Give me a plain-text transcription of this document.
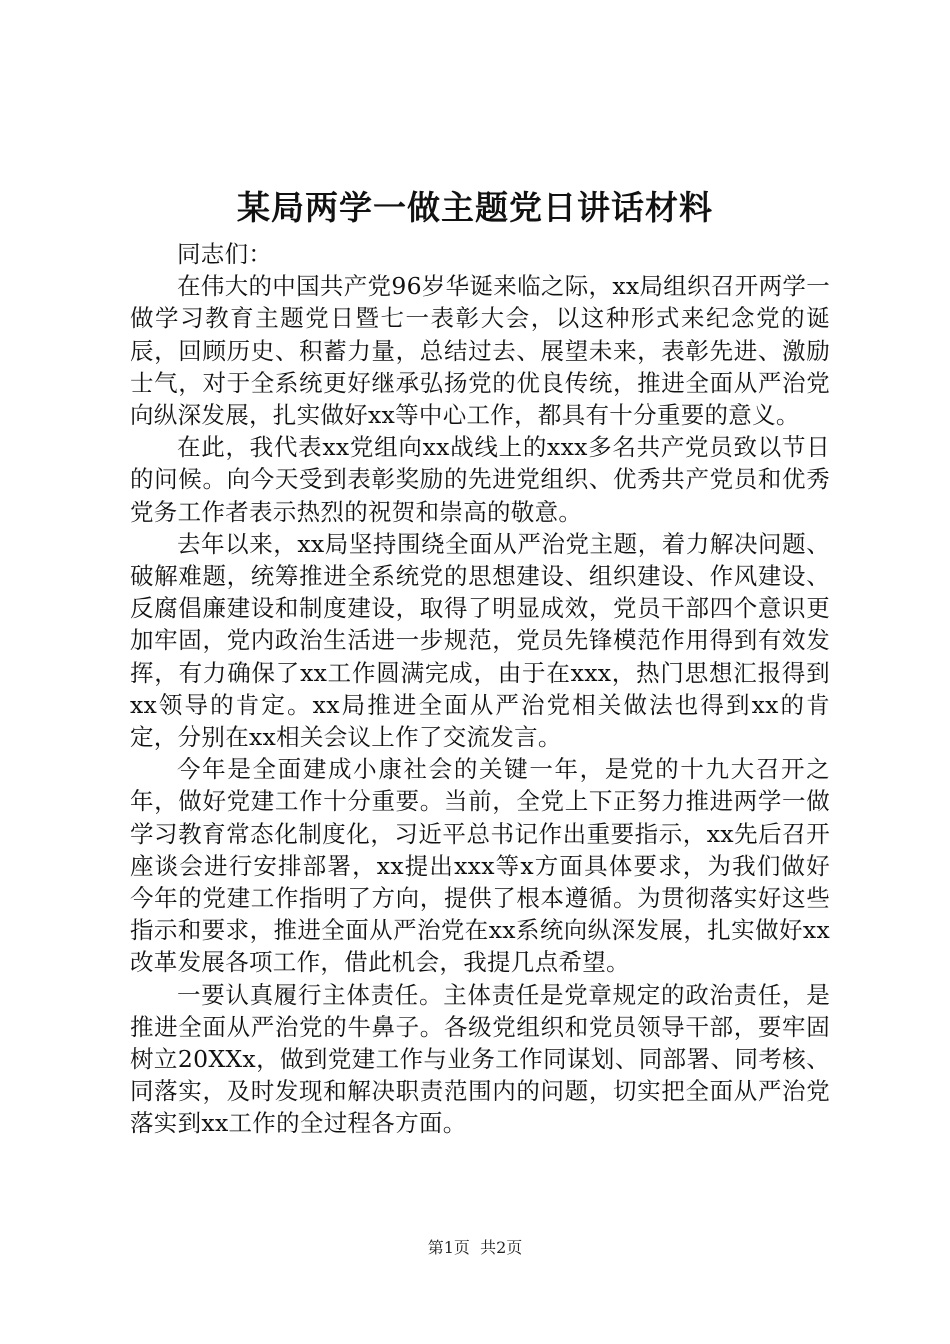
某局两学一做主题党日讲话材料

同志们：

在伟大的中国共产党96岁华诞来临之际，xx局组织召开两学一做学习教育主题党日暨七一表彰大会，以这种形式来纪念党的诞辰，回顾历史、积蓄力量，总结过去、展望未来，表彰先进、激励士气，对于全系统更好继承弘扬党的优良传统，推进全面从严治党向纵深发展，扎实做好xx等中心工作，都具有十分重要的意义。

在此，我代表xx党组向xx战线上的xxx多名共产党员致以节日的问候。向今天受到表彰奖励的先进党组织、优秀共产党员和优秀党务工作者表示热烈的祝贺和崇高的敬意。

去年以来，xx局坚持围绕全面从严治党主题，着力解决问题、破解难题，统筹推进全系统党的思想建设、组织建设、作风建设、反腐倡廉建设和制度建设，取得了明显成效，党员干部四个意识更加牢固，党内政治生活进一步规范，党员先锋模范作用得到有效发挥，有力确保了xx工作圆满完成，由于在xxx，热门思想汇报得到xx领导的肯定。xx局推进全面从严治党相关做法也得到xx的肯定，分别在xx相关会议上作了交流发言。

今年是全面建成小康社会的关键一年，是党的十九大召开之年，做好党建工作十分重要。当前，全党上下正努力推进两学一做学习教育常态化制度化，习近平总书记作出重要指示，xx先后召开座谈会进行安排部署，xx提出xxx等x方面具体要求，为我们做好今年的党建工作指明了方向，提供了根本遵循。为贯彻落实好这些指示和要求，推进全面从严治党在xx系统向纵深发展，扎实做好xx改革发展各项工作，借此机会，我提几点希望。

一要认真履行主体责任。主体责任是党章规定的政治责任，是推进全面从严治党的牛鼻子。各级党组织和党员领导干部，要牢固树立20XXx，做到党建工作与业务工作同谋划、同部署、同考核、同落实，及时发现和解决职责范围内的问题，切实把全面从严治党落实到xx工作的全过程各方面。

第1页  共2页
